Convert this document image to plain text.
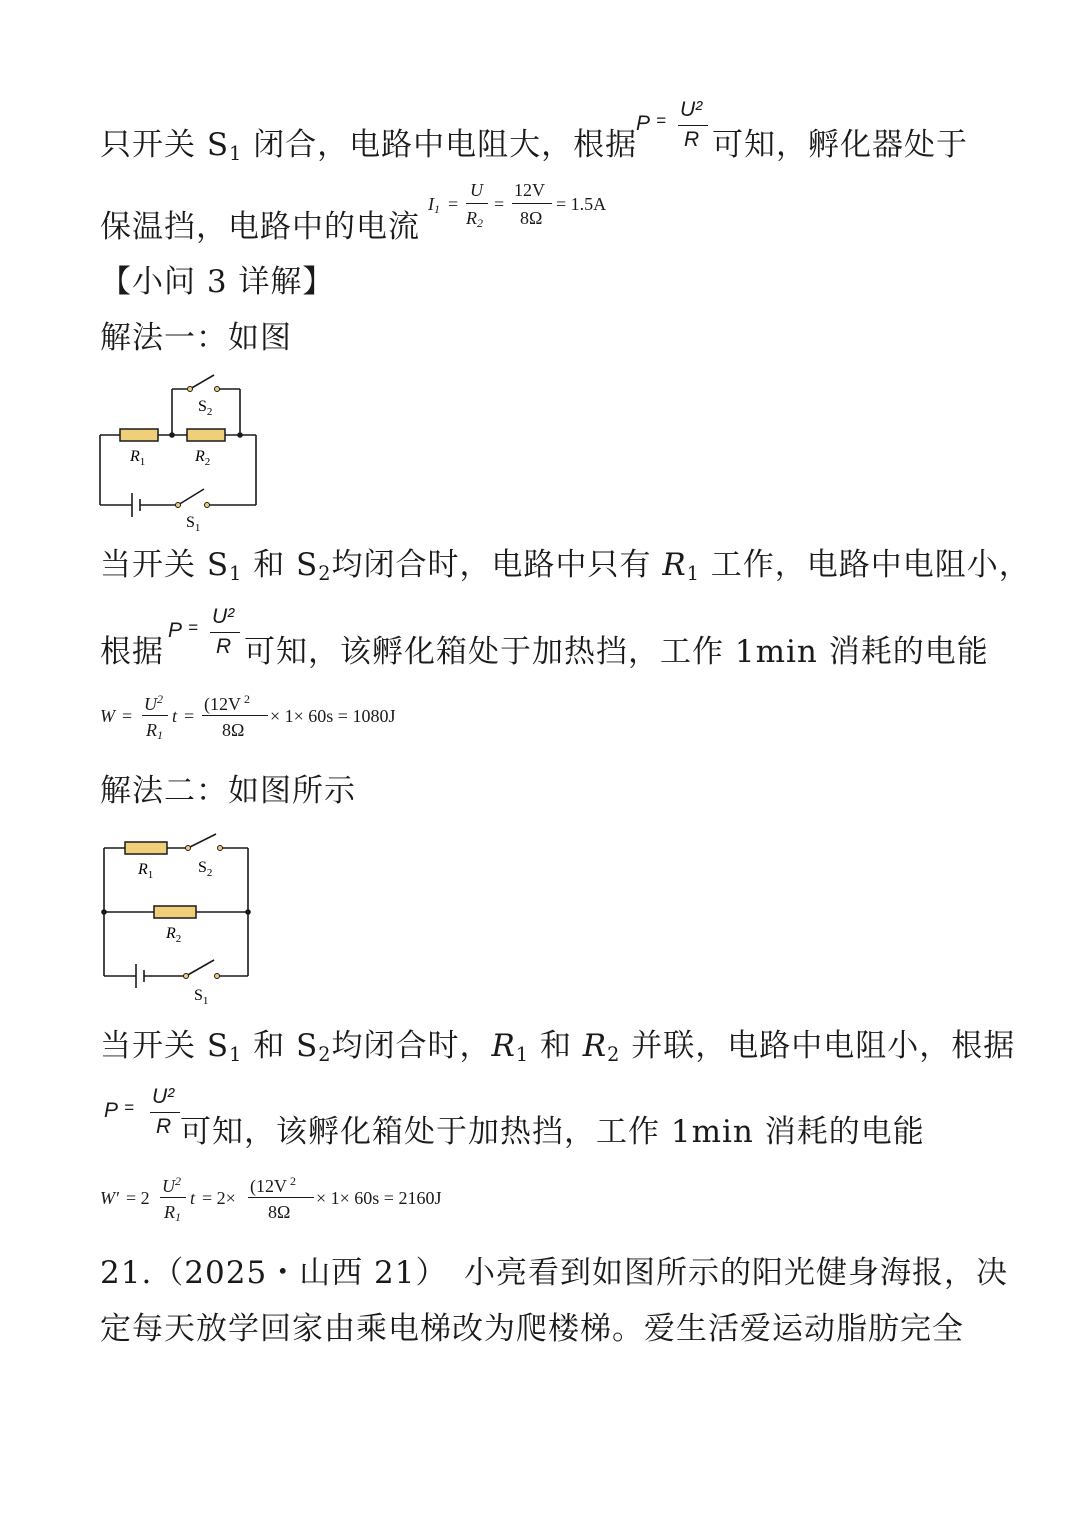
只开关 $S_1$ 闭合，电路中电阻大，根据
P = U²
R 可知，孵化器处于
保温挡，电路中的电流
$I_1$ =
U
$R_2$
=
12V
8Ω
= 1.5A
【小问 3 详解】
解法一：如图
$S_2$
$R_1$	$R_2$
$S_1$
当开关 $S_1$ 和 $S_2$均闭合时，电路中只有 $R_1$ 工作，电路中电阻小，
根据
P = U²
R 可知，该孵化箱处于加热挡，工作 1min 消耗的电能
W =
$U^2$
$R_1$
t =
(12V $^2$
8Ω
× 1× 60s = 1080J
解法二：如图所示
$R_1$	$S_2$
$R_2$
$S_1$
当开关 $S_1$ 和 $S_2$均闭合时，$R_1$ 和 $R_2$ 并联，电路中电阻小，根据
P = U²
R 可知，该孵化箱处于加热挡，工作 1min 消耗的电能
W′ = 2
$U^2$
$R_1$
t = 2×
(12V $^2$
8Ω
× 1× 60s = 2160J
21.（2025・山西 21）　小亮看到如图所示的阳光健身海报，决
定每天放学回家由乘电梯改为爬楼梯。爱生活爱运动脂肪完全
